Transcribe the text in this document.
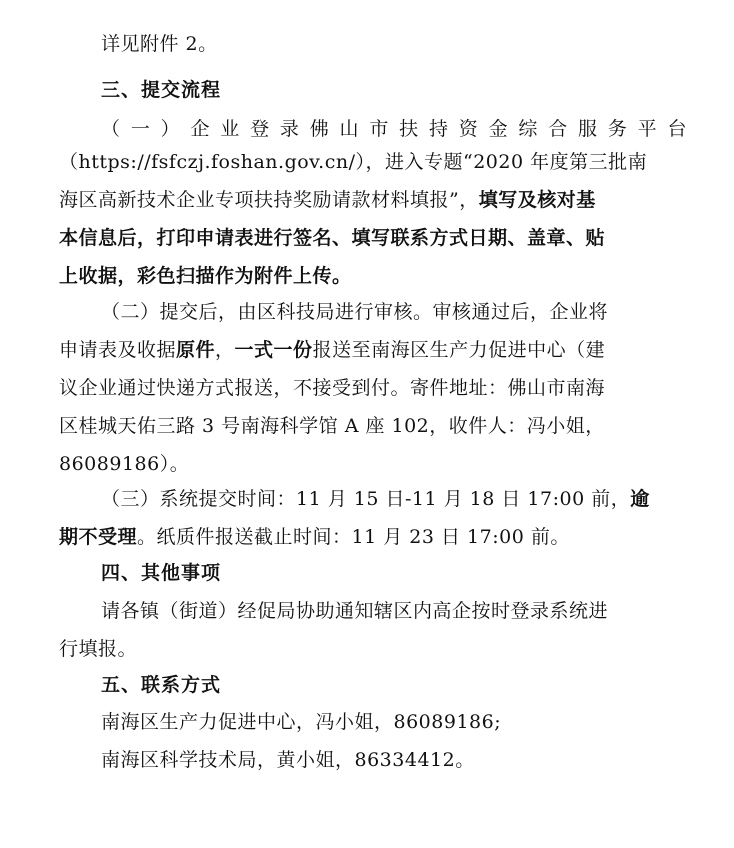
详见附件 2。
三、提交流程
（一）企业登录佛山市扶持资金综合服务平台
（https://fsfczj.foshan.gov.cn/），进入专题“2020 年度第三批南
海区高新技术企业专项扶持奖励请款材料填报”，填写及核对基
本信息后，打印申请表进行签名、填写联系方式日期、盖章、贴
上收据，彩色扫描作为附件上传。
（二）提交后，由区科技局进行审核。审核通过后，企业将
申请表及收据原件，一式一份报送至南海区生产力促进中心（建
议企业通过快递方式报送，不接受到付。寄件地址：佛山市南海
区桂城天佑三路 3 号南海科学馆 A 座 102，收件人：冯小姐，
86089186）。
（三）系统提交时间：11 月 15 日-11 月 18 日 17:00 前，逾
期不受理。纸质件报送截止时间：11 月 23 日 17:00 前。
四、其他事项
请各镇（街道）经促局协助通知辖区内高企按时登录系统进
行填报。
五、联系方式
南海区生产力促进中心，冯小姐，86089186;
南海区科学技术局，黄小姐，86334412。
